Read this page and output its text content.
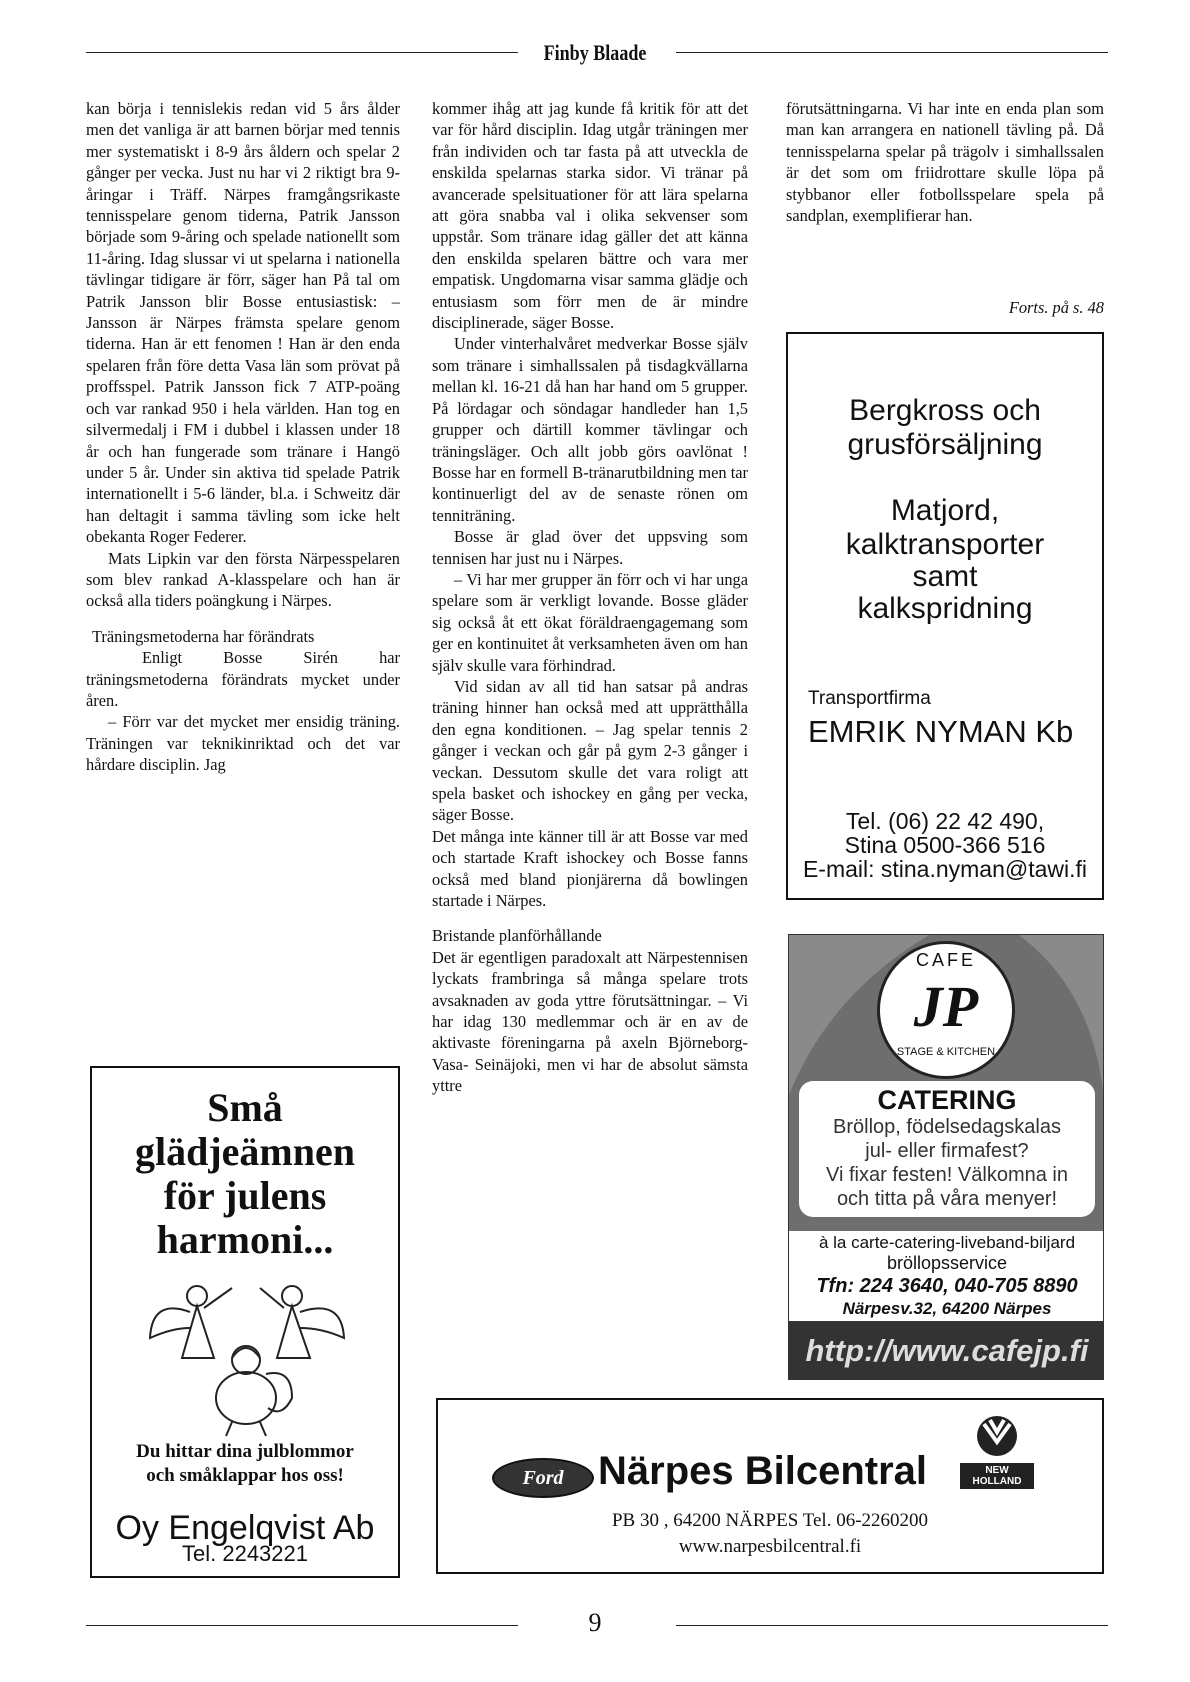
Finby Blaade

kan börja i tennislekis redan vid 5 års ålder men det vanliga är att barnen börjar med tennis mer systematiskt i 8-9 års åldern och spelar 2 gånger per vecka. Just nu har vi 2 riktigt bra 9-åringar i Träff. Närpes framgångsrikaste tennisspelare genom tiderna, Patrik Jansson började som 9-åring och spelade nationellt som 11-åring. Idag slussar vi ut spelarna i nationella tävlingar tidigare är förr, säger han På tal om Patrik Jansson blir Bosse entusiastisk: – Jansson är Närpes främsta spelare genom tiderna. Han är ett fenomen ! Han är den enda spelaren från före detta Vasa län som prövat på proffsspel. Patrik Jansson fick 7 ATP-poäng och var rankad 950 i hela världen. Han tog en silvermedalj i FM i dubbel i klassen under 18 år och han fungerade som tränare i Hangö under 5 år. Under sin aktiva tid spelade Patrik internationellt i 5-6 länder, bl.a. i Schweitz där han deltagit i samma tävling som icke helt obekanta Roger Federer.

Mats Lipkin var den första Närpesspelaren som blev rankad A-klasspelare och han är också alla tiders poängkung i Närpes.

Träningsmetoderna har förändrats

Enligt Bosse Sirén har träningsmetoderna förändrats mycket under åren.

– Förr var det mycket mer ensidig träning. Träningen var teknikinriktad och det var hårdare disciplin. Jag

kommer ihåg att jag kunde få kritik för att det var för hård disciplin. Idag utgår träningen mer från individen och tar fasta på att utveckla de enskilda spelarnas starka sidor. Vi tränar på avancerade spelsituationer för att lära spelarna att göra snabba val i olika sekvenser som uppstår. Som tränare idag gäller det att känna den enskilda spelaren bättre och vara mer empatisk. Ungdomarna visar samma glädje och entusiasm som förr men de är mindre disciplinerade, säger Bosse.

Under vinterhalvåret medverkar Bosse själv som tränare i simhallssalen på tisdagkvällarna mellan kl. 16-21 då han har hand om 5 grupper. På lördagar och söndagar handleder han 1,5 grupper och därtill kommer tävlingar och träningsläger. Och allt jobb görs oavlönat ! Bosse har en formell B-tränarutbildning men tar kontinuerligt del av de senaste rönen om tenniträning.

Bosse är glad över det uppsving som tennisen har just nu i Närpes.

– Vi har mer grupper än förr och vi har unga spelare som är verkligt lovande. Bosse gläder sig också åt ett ökat föräldraengagemang som ger en kontinuitet åt verksamheten även om han själv skulle vara förhindrad.

Vid sidan av all tid han satsar på andras träning hinner han också med att upprätthålla den egna konditionen. – Jag spelar tennis 2 gånger i veckan och går på gym 2-3 gånger i veckan. Dessutom skulle det vara roligt att spela basket och ishockey en gång per vecka, säger Bosse.

Det många inte känner till är att Bosse var med och startade Kraft ishockey och Bosse fanns också med bland pionjärerna då bowlingen startade i Närpes.

Bristande planförhållande

Det är egentligen paradoxalt att Närpestennisen lyckats frambringa så många spelare trots avsaknaden av goda yttre förutsättningar. – Vi har idag 130 medlemmar och är en av de aktivaste föreningarna på axeln Björneborg- Vasa- Seinäjoki, men vi har de absolut sämsta yttre

förutsättningarna. Vi har inte en enda plan som man kan arrangera en nationell tävling på. Då tennisspelarna spelar på trägolv i simhallssalen är det som om friidrottare skulle löpa på stybbanor eller fotbollsspelare spela på sandplan, exemplifierar han.

Forts. på s. 48
Bergkross och
grusförsäljning
Matjord,
kalktransporter
samt
kalkspridning
Transportfirma
EMRIK NYMAN Kb
Tel. (06) 22 42 490,
Stina 0500-366 516
E-mail: stina.nyman@tawi.fi
CAFE
JP
STAGE & KITCHEN
CATERING
Bröllop, födelsedagskalas
jul- eller firmafest?
Vi fixar festen! Välkomna in
och titta på våra menyer!
à la carte-catering-liveband-biljard
bröllopsservice
Tfn: 224 3640, 040-705 8890
Närpesv.32, 64200 Närpes
http://www.cafejp.fi
Små
glädjeämnen
för julens
harmoni...
Du hittar dina julblommor
och småklappar hos oss!
Oy Engelqvist Ab
Tel. 2243221
Ford Närpes Bilcentral	NEW HOLLAND
PB 30 , 64200 NÄRPES Tel. 06-2260200
www.narpesbilcentral.fi
9
